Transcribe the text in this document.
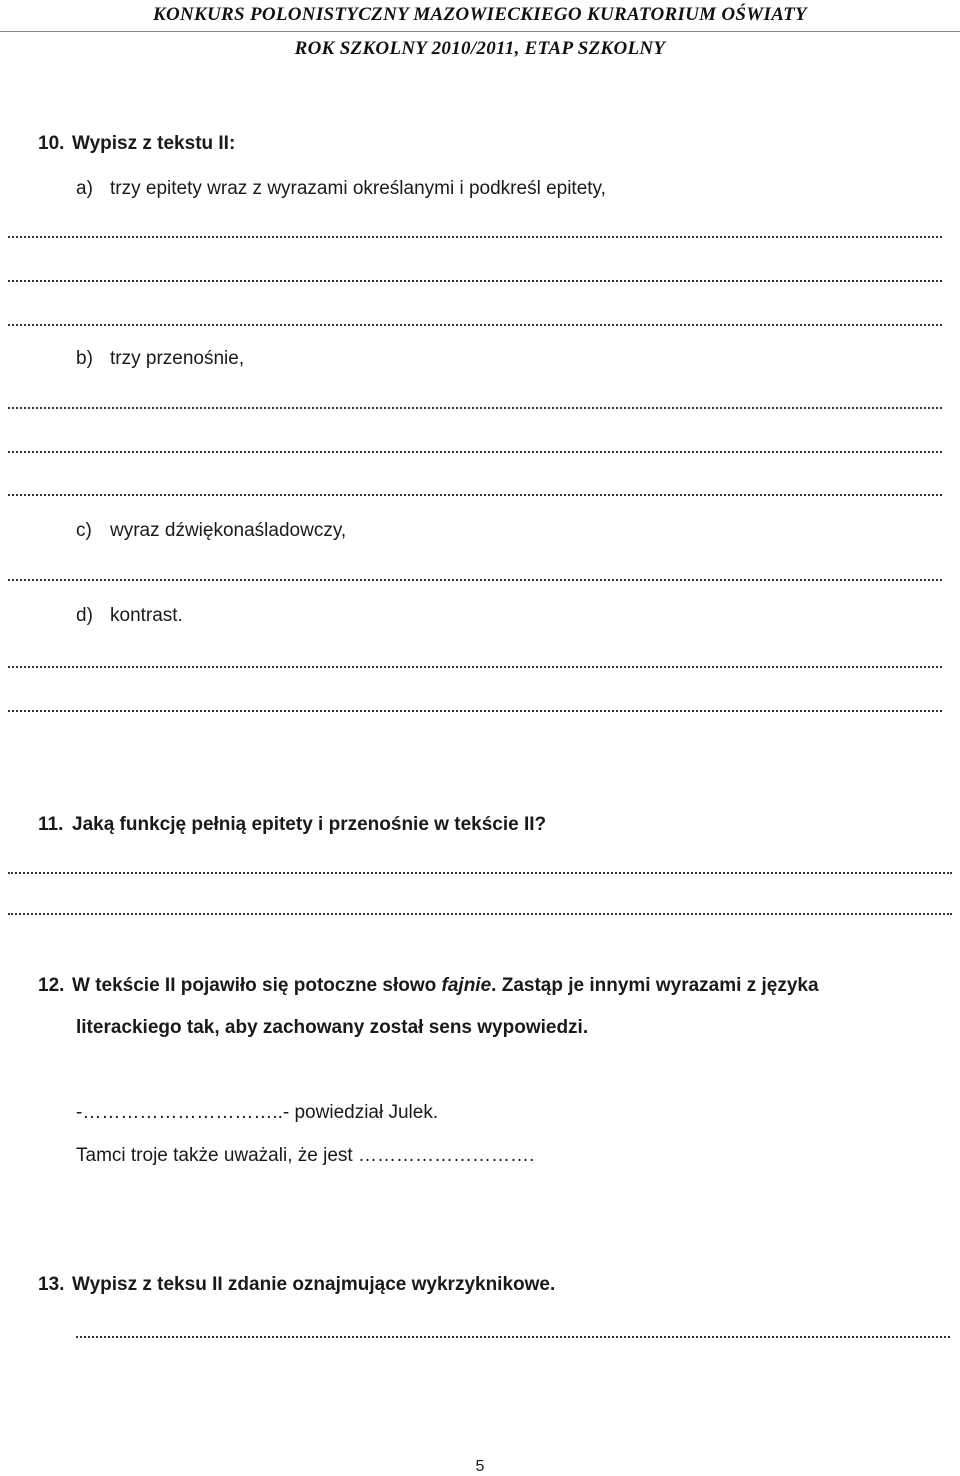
KONKURS POLONISTYCZNY MAZOWIECKIEGO KURATORIUM OŚWIATY
ROK SZKOLNY 2010/2011, ETAP SZKOLNY
10. Wypisz z tekstu II:
a) trzy epitety wraz z wyrazami określanymi i podkreśl epitety,
b) trzy przenośnie,
c) wyraz dźwiękonaśladowczy,
d) kontrast.
11. Jaką funkcję pełnią epitety i przenośnie w tekście II?
12. W tekście II pojawiło się potoczne słowo fajnie. Zastąp je innymi wyrazami z języka
literackiego tak, aby zachowany został sens wypowiedzi.
-…………………………..- powiedział Julek.
Tamci troje także uważali, że jest ……………………….
13. Wypisz z teksu II zdanie oznajmujące wykrzyknikowe.
5
